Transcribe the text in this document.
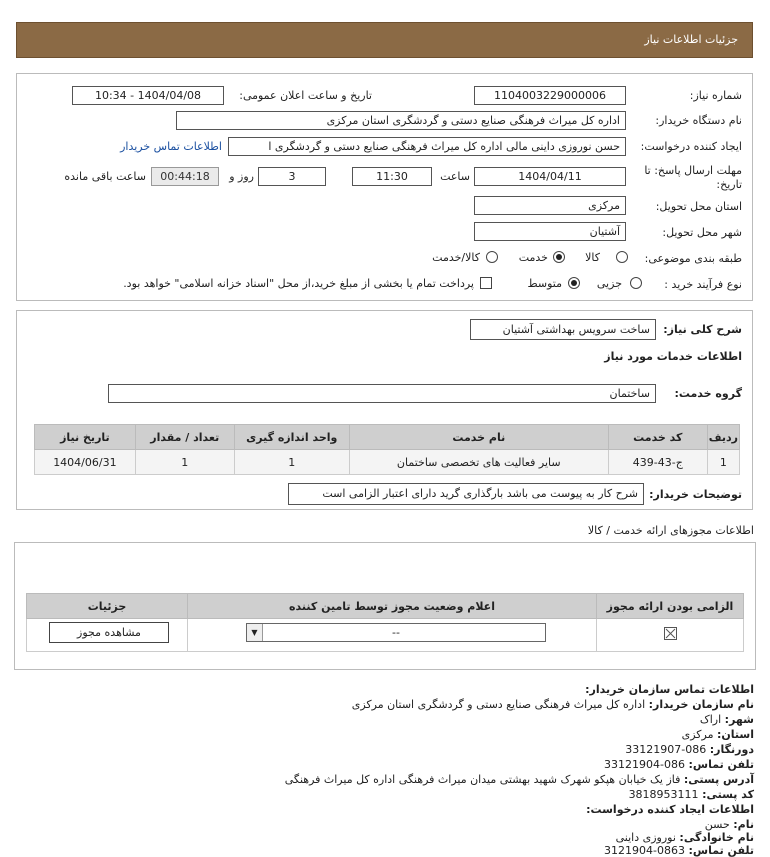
جزئیات اطلاعات نیاز
شماره نیاز:
1104003229000006
تاریخ و ساعت اعلان عمومی:
1404/04/08 - 10:34
نام دستگاه خریدار:
اداره کل میراث فرهنگی صنایع دستی و گردشگری استان مرکزی
ایجاد کننده درخواست:
حسن نوروزی داینی مالی اداره کل میراث فرهنگی صنایع دستی و گردشگری ا
اطلاعات تماس خریدار
مهلت ارسال پاسخ: تا
تاریخ:
1404/04/11
ساعت
11:30
3
روز و
00:44:18
ساعت باقی مانده
استان محل تحویل:
مرکزی
شهر محل تحویل:
آشتیان
طبقه بندی موضوعی:
کالا
خدمت
کالا/خدمت
نوع فرآیند خرید :
جزیی
متوسط
پرداخت تمام یا بخشی از مبلغ خرید،از محل "اسناد خزانه اسلامی" خواهد بود.
شرح کلی نیاز:
ساخت سرویس بهداشتی آشتیان
اطلاعات خدمات مورد نیاز
گروه خدمت:
ساختمان
ردیف	کد خدمت	نام خدمت	واحد اندازه گیری	تعداد / مقدار	تاریخ نیاز
1	ج-43-439	سایر فعالیت های تخصصی ساختمان	1	1	1404/06/31
توضیحات خریدار:
شرح کار به پیوست می باشد بارگذاری گرید دارای اعتبار الزامی است
اطلاعات مجوزهای ارائه خدمت / کالا
الزامی بودن ارائه مجوز	اعلام وضعیت مجوز توسط تامین کننده	جزئیات

--
▼
مشاهده مجوز
اطلاعات تماس سازمان خریدار:
نام سازمان خریدار: اداره کل میراث فرهنگی صنایع دستی و گردشگری استان مرکزی
شهر: اراک
استان: مرکزی
دورنگار: 086-33121907
تلفن تماس: 086-33121904
آدرس پستی: فاز یک خیابان هپکو شهرک شهید بهشتی میدان میراث فرهنگی اداره کل میراث فرهنگی
کد پستی: 3818953111
اطلاعات ایجاد کننده درخواست:
نام: حسن
نام خانوادگی: نوروزی داینی
تلفن تماس: 0863-3121904
